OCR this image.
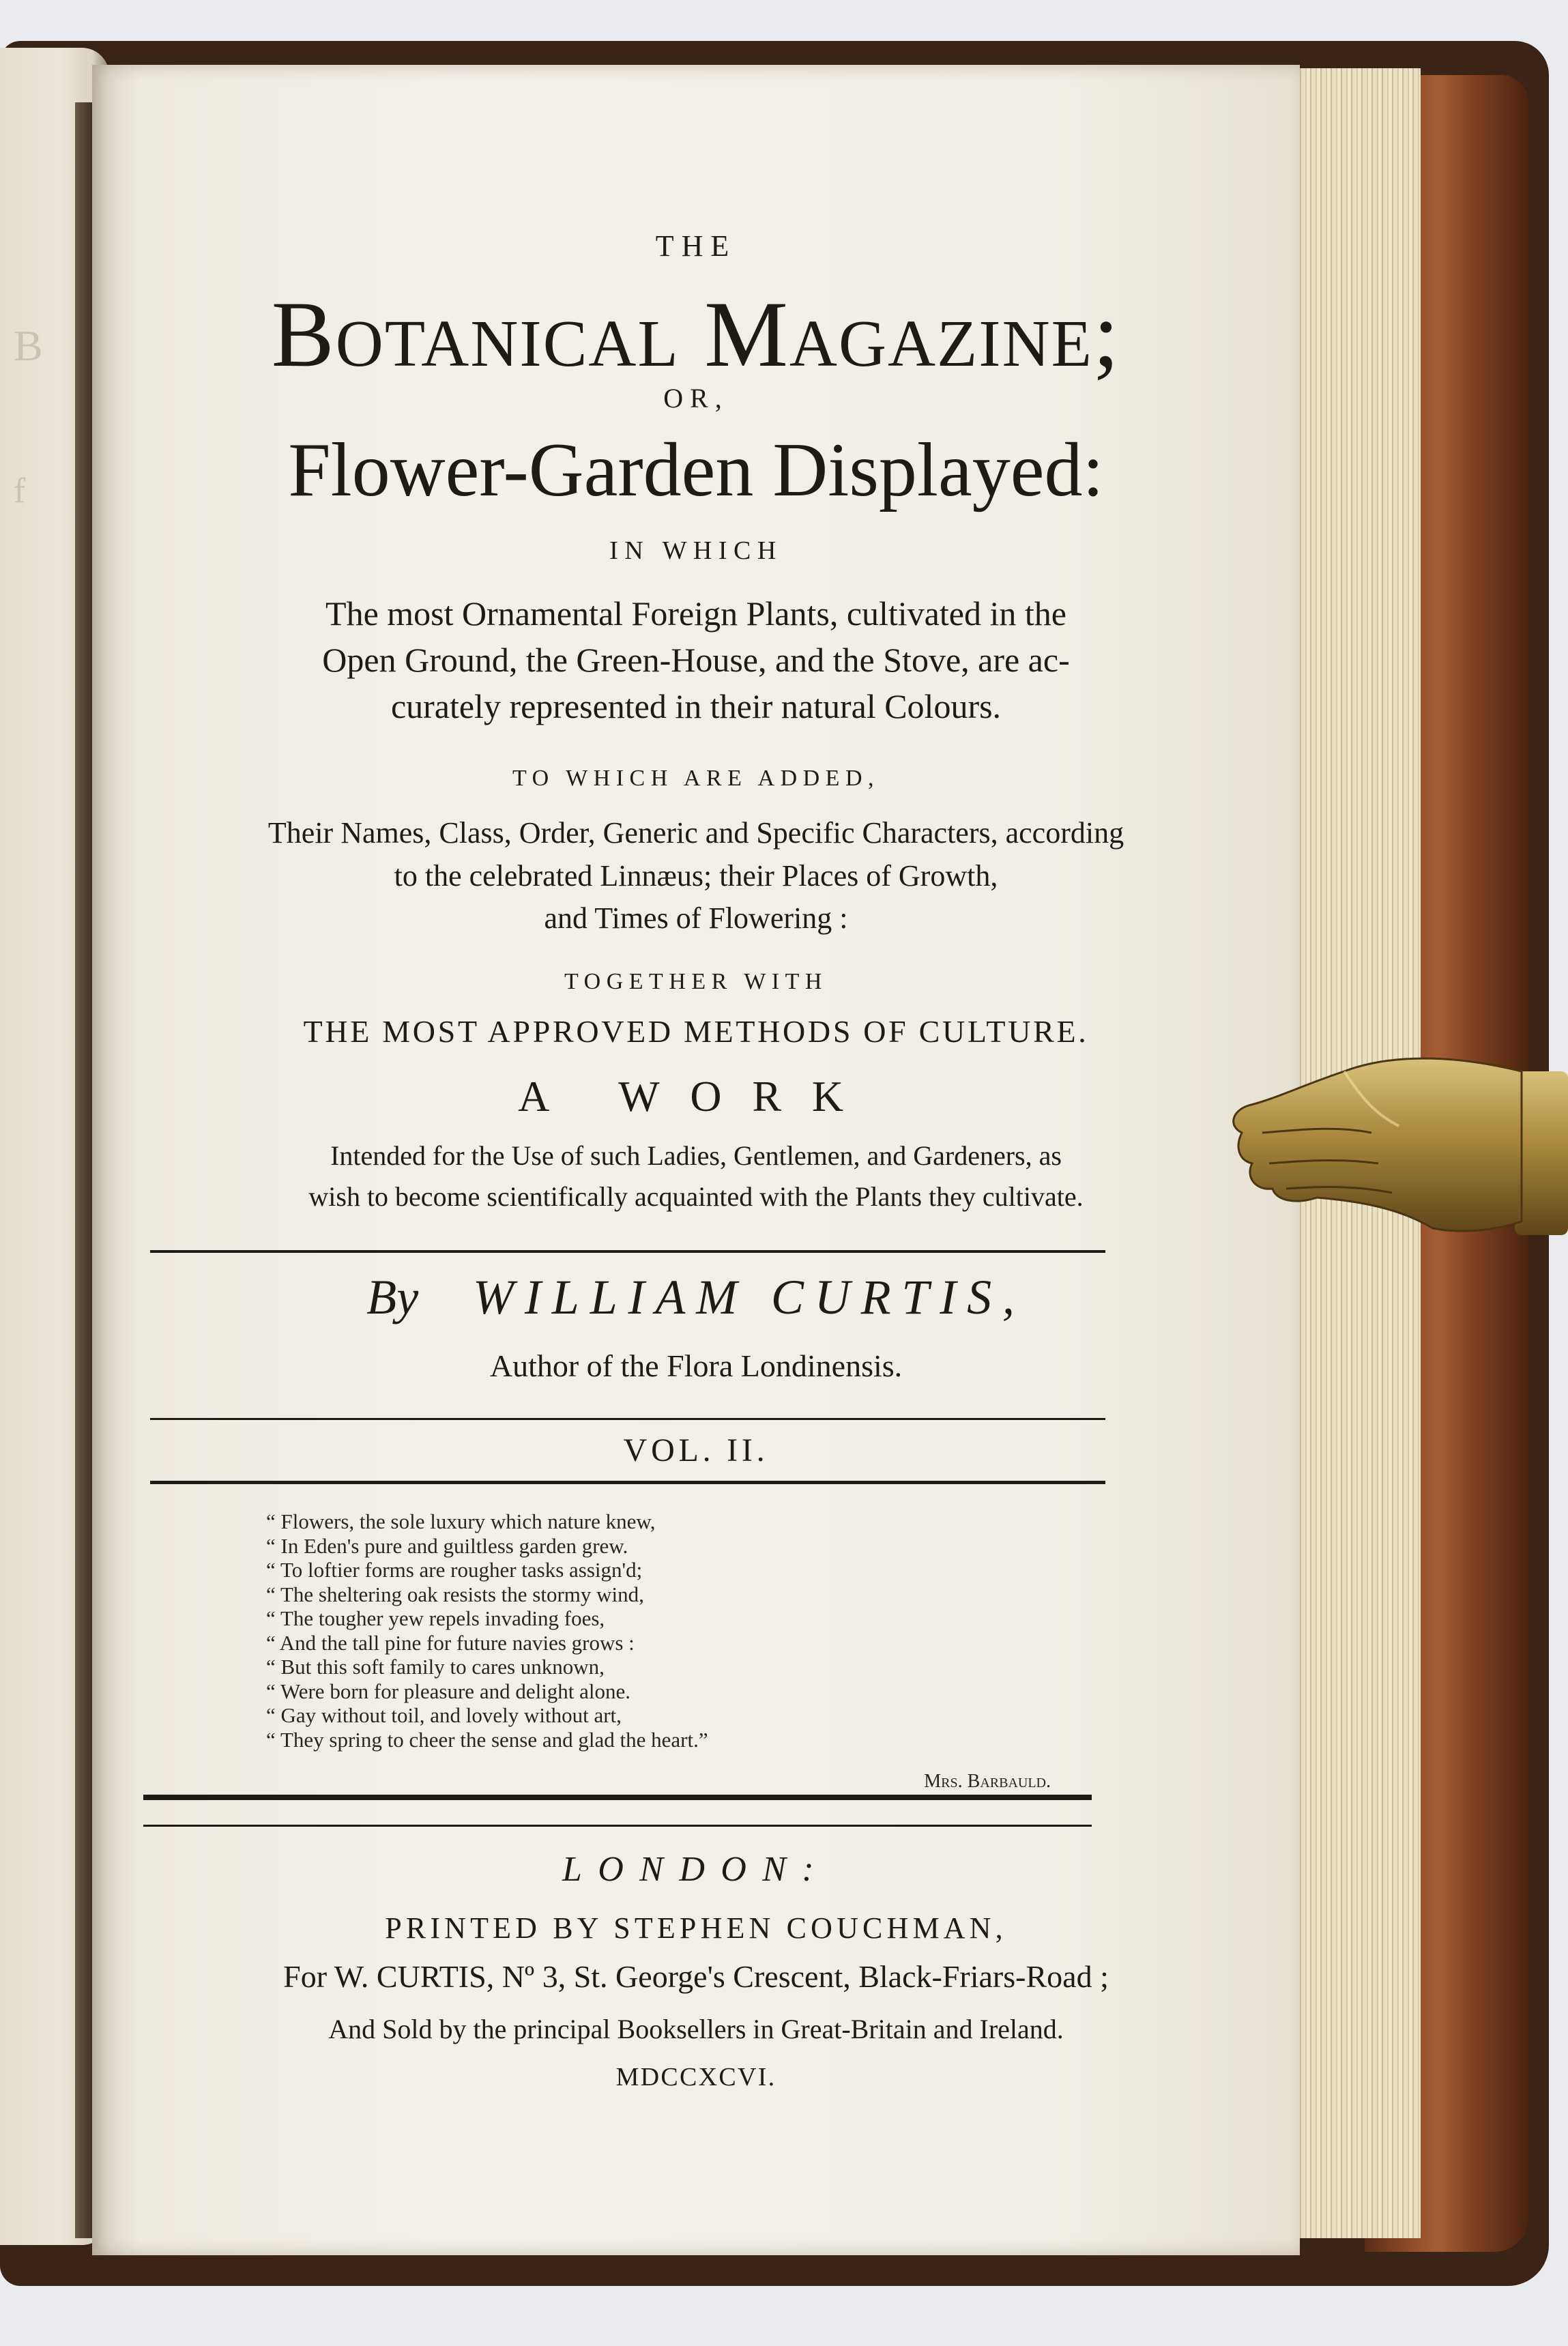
B
f
THE
Botanical Magazine;
OR,
Flower-Garden Displayed:
IN WHICH
The most Ornamental Foreign Plants, cultivated in the
Open Ground, the Green-House, and the Stove, are ac-
curately represented in their natural Colours.
TO WHICH ARE ADDED,
Their Names, Class, Order, Generic and Specific Characters, according
to the celebrated Linnæus; their Places of Growth,
and Times of Flowering :
TOGETHER WITH
THE MOST APPROVED METHODS OF CULTURE.
A WORK
Intended for the Use of such Ladies, Gentlemen, and Gardeners, as
wish to become scientifically acquainted with the Plants they cultivate.
By WILLIAM CURTIS,
Author of the Flora Londinensis.
VOL. II.
“ Flowers, the sole luxury which nature knew,
“ In Eden's pure and guiltless garden grew.
“ To loftier forms are rougher tasks assign'd;
“ The sheltering oak resists the stormy wind,
“ The tougher yew repels invading foes,
“ And the tall pine for future navies grows :
“ But this soft family to cares unknown,
“ Were born for pleasure and delight alone.
“ Gay without toil, and lovely without art,
“ They spring to cheer the sense and glad the heart.”
Mrs. Barbauld.
LONDON:
PRINTED BY STEPHEN COUCHMAN,
For W. CURTIS, Nº 3, St. George's Crescent, Black-Friars-Road ;
And Sold by the principal Booksellers in Great-Britain and Ireland.
MDCCXCVI.
